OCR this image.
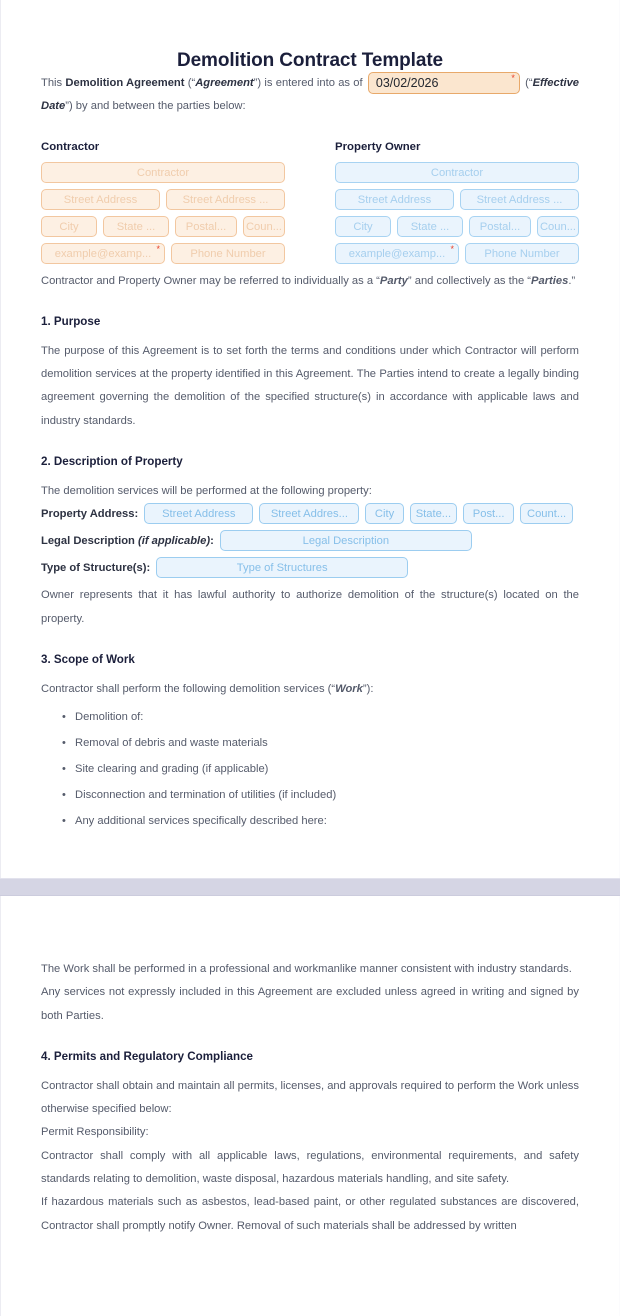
Demolition Contract Template

This Demolition Agreement (“Agreement”) is entered into as of 03/02/2026	* (“Effective Date”) by and between the parties below:

Contractor
Contractor
Street Address	Street Address ...
City	State ...	Postal...	Coun...
example@examp... *	Phone Number
Property Owner
Contractor
Street Address	Street Address ...
City	State ...	Postal...	Coun...
example@examp... *	Phone Number

Contractor and Property Owner may be referred to individually as a “Party” and collectively as the “Parties.”

1. Purpose

The purpose of this Agreement is to set forth the terms and conditions under which Contractor will perform demolition services at the property identified in this Agreement. The Parties intend to create a legally binding agreement governing the demolition of the specified structure(s) in accordance with applicable laws and industry standards.

2. Description of Property

The demolition services will be performed at the following property:

Property Address:	Street Address	Street Addres...	City	State...	Post...	Count...
Legal Description (if applicable):	Legal Description
Type of Structure(s):	Type of Structures

Owner represents that it has lawful authority to authorize demolition of the structure(s) located on the property.

3. Scope of Work

Contractor shall perform the following demolition services (“Work”):

• Demolition of:
• Removal of debris and waste materials
• Site clearing and grading (if applicable)
• Disconnection and termination of utilities (if included)
• Any additional services specifically described here:

The Work shall be performed in a professional and workmanlike manner consistent with industry standards.

Any services not expressly included in this Agreement are excluded unless agreed in writing and signed by both Parties.

4. Permits and Regulatory Compliance

Contractor shall obtain and maintain all permits, licenses, and approvals required to perform the Work unless otherwise specified below:

Permit Responsibility:

Contractor shall comply with all applicable laws, regulations, environmental requirements, and safety standards relating to demolition, waste disposal, hazardous materials handling, and site safety.

If hazardous materials such as asbestos, lead-based paint, or other regulated substances are discovered, Contractor shall promptly notify Owner. Removal of such materials shall be addressed by written
